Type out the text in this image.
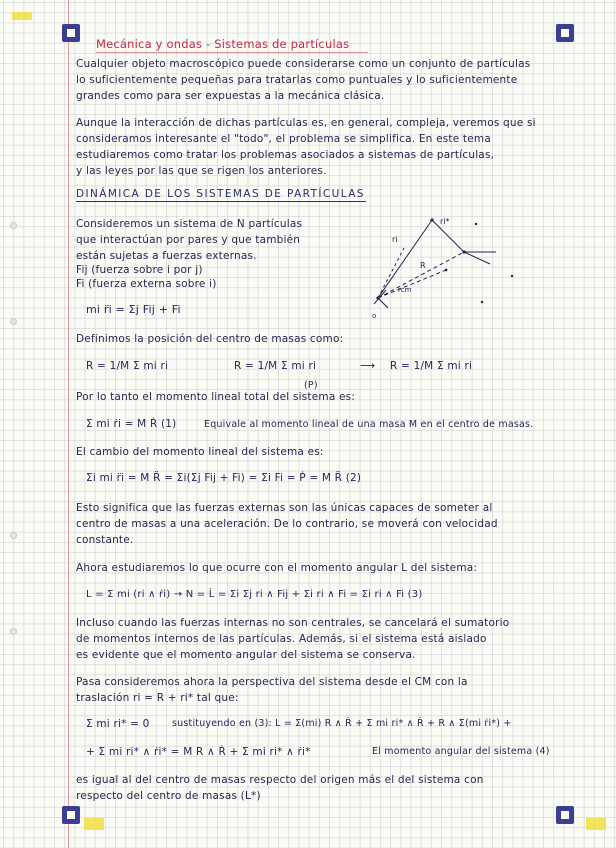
Mecánica y ondas - Sistemas de partículas
Cualquier objeto macroscópico puede considerarse como un conjunto de partículas
lo suficientemente pequeñas para tratarlas como puntuales y lo suficientemente
grandes como para ser expuestas a la mecánica clásica.
Aunque la interacción de dichas partículas es, en general, compleja, veremos que si
consideramos interesante el "todo", el problema se simplifica. En este tema
estudiaremos como tratar los problemas asociados a sistemas de partículas,
y las leyes por las que se rigen los anteriores.
DINÁMICA DE LOS SISTEMAS DE PARTÍCULAS
Consideremos un sistema de N partículas
que interactúan por pares y que también
están sujetas a fuerzas externas.
Fij (fuerza sobre i por j)
Fi (fuerza externa sobre i)
mi r̈i = Σj Fij + Fi
ri
ri*
R
rcm
o
Definimos la posición del centro de masas como:
R = 1/M Σ mi ri	R = 1/M Σ mi ri	⟶ R = 1/M Σ mi ri
(P)
Por lo tanto el momento lineal total del sistema es:
Σ mi ṙi = M Ṙ (1)	Equivale al momento lineal de una masa M en el centro de masas.
El cambio del momento lineal del sistema es:
Σi mi r̈i = M R̈ = Σi(Σj Fij + Fi) = Σi Fi = Ṗ = M R̈ (2)
Esto significa que las fuerzas externas son las únicas capaces de someter al
centro de masas a una aceleración. De lo contrario, se moverá con velocidad
constante.
Ahora estudiaremos lo que ocurre con el momento angular L del sistema:
L = Σ mi (ri ∧ ṙi) → N = L̇ = Σi Σj ri ∧ Fij + Σi ri ∧ Fi = Σi ri ∧ Fi (3)
Incluso cuando las fuerzas internas no son centrales, se cancelará el sumatorio
de momentos internos de las partículas. Además, si el sistema está aislado
es evidente que el momento angular del sistema se conserva.
Pasa consideremos ahora la perspectiva del sistema desde el CM con la
traslación ri = R + ri* tal que:
Σ mi ri* = 0 sustituyendo en (3): L = Σ(mi) R ∧ Ṙ + Σ mi ri* ∧ Ṙ + R ∧ Σ(mi ṙi*) +
+ Σ mi ri* ∧ ṙi* = M R ∧ Ṙ + Σ mi ri* ∧ ṙi*	El momento angular del sistema (4)
es igual al del centro de masas respecto del origen más el del sistema con
respecto del centro de masas (L*)
